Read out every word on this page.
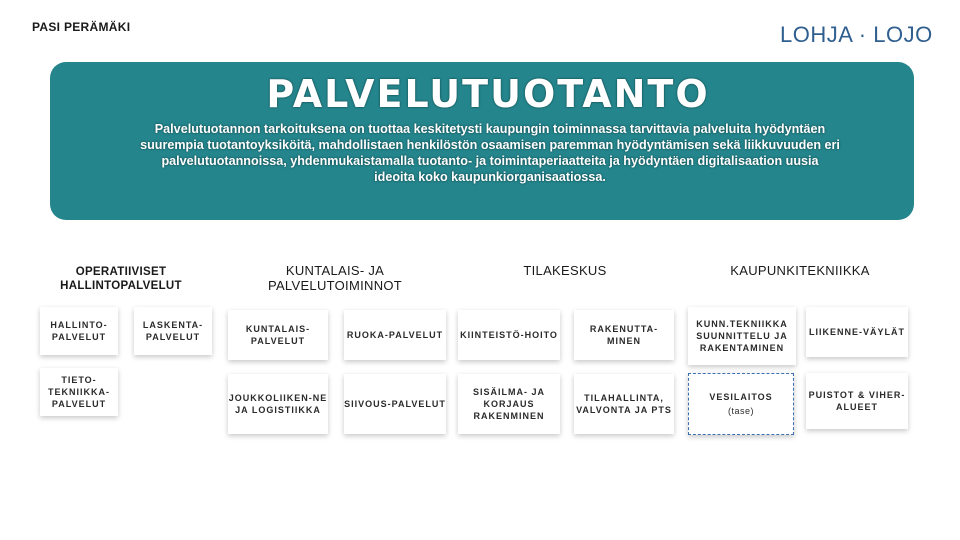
PASI PERÄMÄKI	LOHJA · LOJO
PALVELUTUOTANTO
Palvelutuotannon tarkoituksena on tuottaa keskitetysti kaupungin toiminnassa tarvittavia palveluita hyödyntäen suurempia tuotantoyksiköitä, mahdollistaen henkilöstön osaamisen paremman hyödyntämisen sekä liikkuvuuden eri palvelutuotannoissa, yhdenmukaistamalla tuotanto- ja toimintaperiaatteita ja hyödyntäen digitalisaation uusia ideoita koko kaupunkiorganisaatiossa.
OPERATIIVISET HALLINTOPALVELUT
HALLINTO-PALVELUT
LASKENTA-PALVELUT
TIETO-TEKNIIKKA-PALVELUT
KUNTALAIS- JA PALVELUTOIMINNOT
KUNTALAIS-PALVELUT
RUOKA-PALVELUT
JOUKKOLIIKEN-NE JA LOGISTIIKKA
SIIVOUS-PALVELUT
TILAKESKUS
KIINTEISTÖ-HOITO
RAKENUTTA-MINEN
SISÄILMA- JA KORJAUS RAKENMINEN
TILAHALLINTA, VALVONTA JA PTS
KAUPUNKITEKNIIKKA
KUNN.TEKNIIKKA SUUNNITTELU JA RAKENTAMINEN
LIIKENNE-VÄYLÄT
VESILAITOS
(tase)
PUISTOT & VIHER-ALUEET
